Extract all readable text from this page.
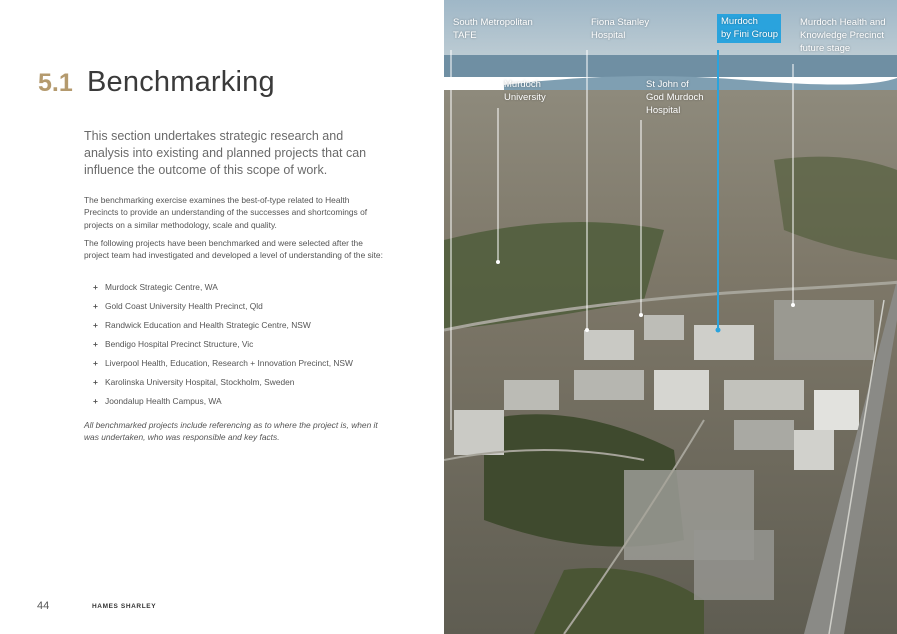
5.1 Benchmarking
This section undertakes strategic research and analysis into existing and planned projects that can influence the outcome of this scope of work.
The benchmarking exercise examines the best-of-type related to Health Precincts to provide an understanding of the successes and shortcomings of projects on a similar methodology, scale and quality.
The following projects have been benchmarked and were selected after the project team had investigated and developed a level of understanding of the site:
+ Murdock Strategic Centre, WA
+ Gold Coast University Health Precinct, Qld
+ Randwick Education and Health Strategic Centre, NSW
+ Bendigo Hospital Precinct Structure, Vic
+ Liverpool Health, Education, Research + Innovation Precinct, NSW
+ Karolinska University Hospital, Stockholm, Sweden
+ Joondalup Health Campus, WA
All benchmarked projects include referencing as to where the project is, when it was undertaken, who was responsible and key facts.
44	HAMES SHARLEY
South Metropolitan
TAFE
Fiona Stanley
Hospital
Murdoch
by Fini Group
Murdoch Health and
Knowledge Precinct
future stage
Murdoch
University
St John of
God Murdoch
Hospital
